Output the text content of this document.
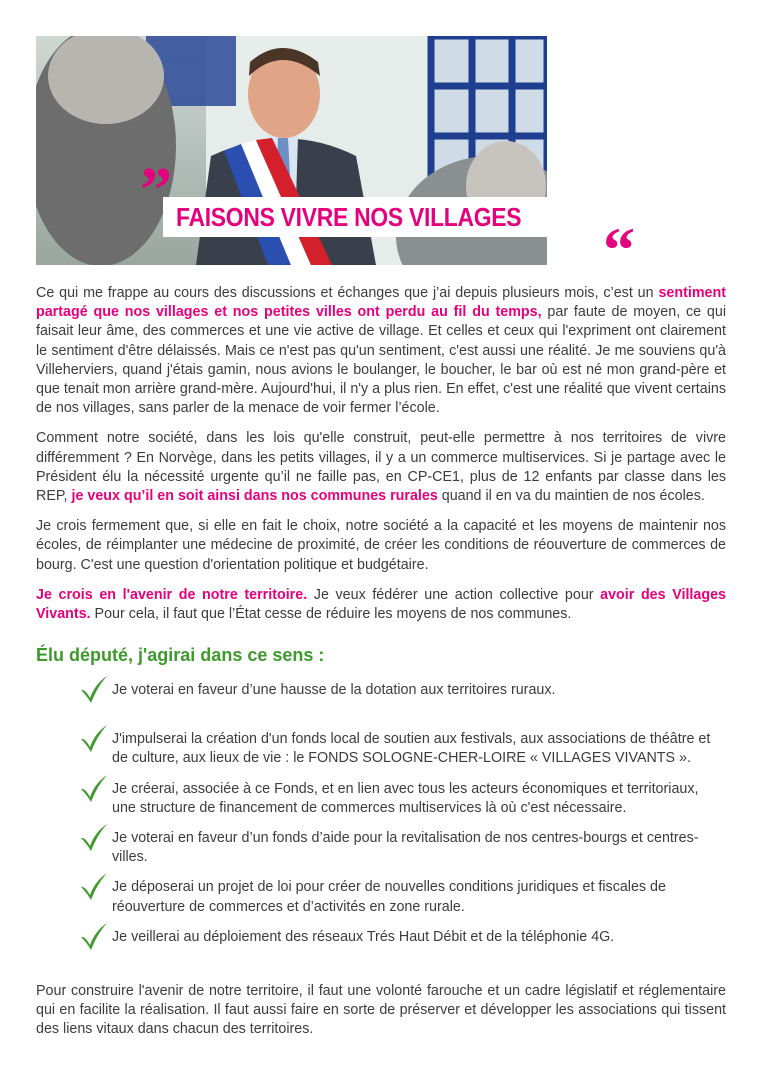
” FAISONS VIVRE NOS VILLAGES “

Ce qui me frappe au cours des discussions et échanges que j’ai depuis plusieurs mois, c’est un sentiment partagé que nos villages et nos petites villes ont perdu au fil du temps, par faute de moyen, ce qui faisait leur âme, des commerces et une vie active de village. Et celles et ceux qui l'expriment ont clairement le sentiment d'être délaissés. Mais ce n'est pas qu'un sentiment, c'est aussi une réalité. Je me souviens qu'à Villeherviers, quand j'étais gamin, nous avions le boulanger, le boucher, le bar où est né mon grand-père et que tenait mon arrière grand-mère. Aujourd'hui, il n'y a plus rien. En effet, c'est une réalité que vivent certains de nos villages, sans parler de la menace de voir fermer l’école.

Comment notre société, dans les lois qu'elle construit, peut-elle permettre à nos territoires de vivre différemment ? En Norvège, dans les petits villages, il y a un commerce multiservices. Si je partage avec le Président élu la nécessité urgente qu’il ne faille pas, en CP-CE1, plus de 12 enfants par classe dans les REP, je veux qu’il en soit ainsi dans nos communes rurales quand il en va du maintien de nos écoles.

Je crois fermement que, si elle en fait le choix, notre société a la capacité et les moyens de maintenir nos écoles, de réimplanter une médecine de proximité, de créer les conditions de réouverture de commerces de bourg. C'est une question d'orientation politique et budgétaire.

Je crois en l'avenir de notre territoire. Je veux fédérer une action collective pour avoir des Villages Vivants. Pour cela, il faut que l’État cesse de réduire les moyens de nos communes.

Élu député, j'agirai dans ce sens :
Je voterai en faveur d’une hausse de la dotation aux territoires ruraux.
J'impulserai la création d'un fonds local de soutien aux festivals, aux associations de théâtre et de culture, aux lieux de vie : le FONDS SOLOGNE-CHER-LOIRE « VILLAGES VIVANTS ».
Je créerai, associée à ce Fonds, et en lien avec tous les acteurs économiques et territoriaux, une structure de financement de commerces multiservices là où c'est nécessaire.
Je voterai en faveur d’un fonds d’aide pour la revitalisation de nos centres-bourgs et centres-villes.
Je déposerai un projet de loi pour créer de nouvelles conditions juridiques et fiscales de réouverture de commerces et d’activités en zone rurale.
Je veillerai au déploiement des réseaux Trés Haut Débit et de la téléphonie 4G.

Pour construire l'avenir de notre territoire, il faut une volonté farouche et un cadre législatif et réglementaire qui en facilite la réalisation. Il faut aussi faire en sorte de préserver et développer les associations qui tissent des liens vitaux dans chacun des territoires.
